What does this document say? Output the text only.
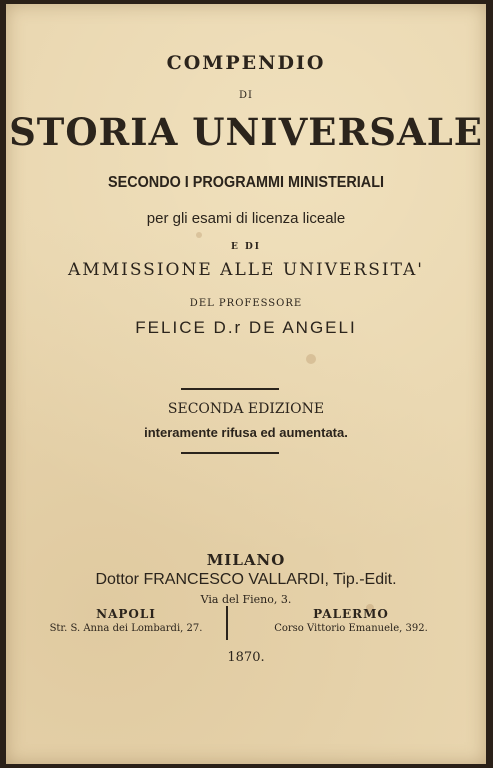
COMPENDIO
DI
STORIA UNIVERSALE
SECONDO I PROGRAMMI MINISTERIALI
per gli esami di licenza liceale
E DI
AMMISSIONE ALLE UNIVERSITA'
DEL PROFESSORE
FELICE D.r DE ANGELI
SECONDA EDIZIONE
interamente rifusa ed aumentata.
MILANO
Dottor FRANCESCO VALLARDI, Tip.-Edit.
Via del Fieno, 3.
NAPOLI
Str. S. Anna dei Lombardi, 27.
PALERMO
Corso Vittorio Emanuele, 392.
1870.
